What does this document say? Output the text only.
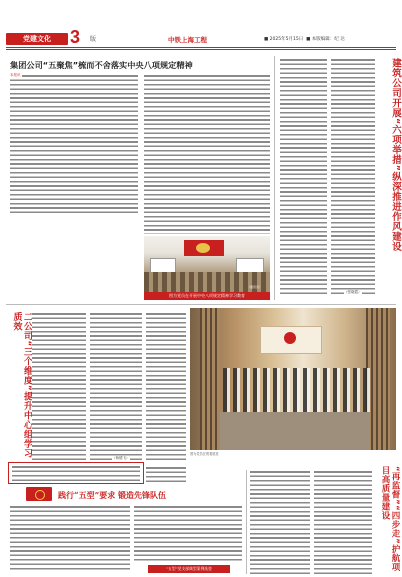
党建文化	3 版	中铁上海工程	■ 2025年5月15日 ■ 本版编辑：纪 达
集团公司“五聚焦”梳而不舍落实中央八项规定精神
本报讯
图为党员在开展中央八项规定精神学习教育
（通讯员）
建筑公司开展“六项举措”纵深推进作风建设
（张晓霞）
二公司“三个维度”提升中心组学习质效
（杨德飞）
图为党员在观看展览
践行“五型”要求 锻造先锋队伍
“五型”党支部典型案例选登	“再监督”“四步走”护航项目高质量建设
